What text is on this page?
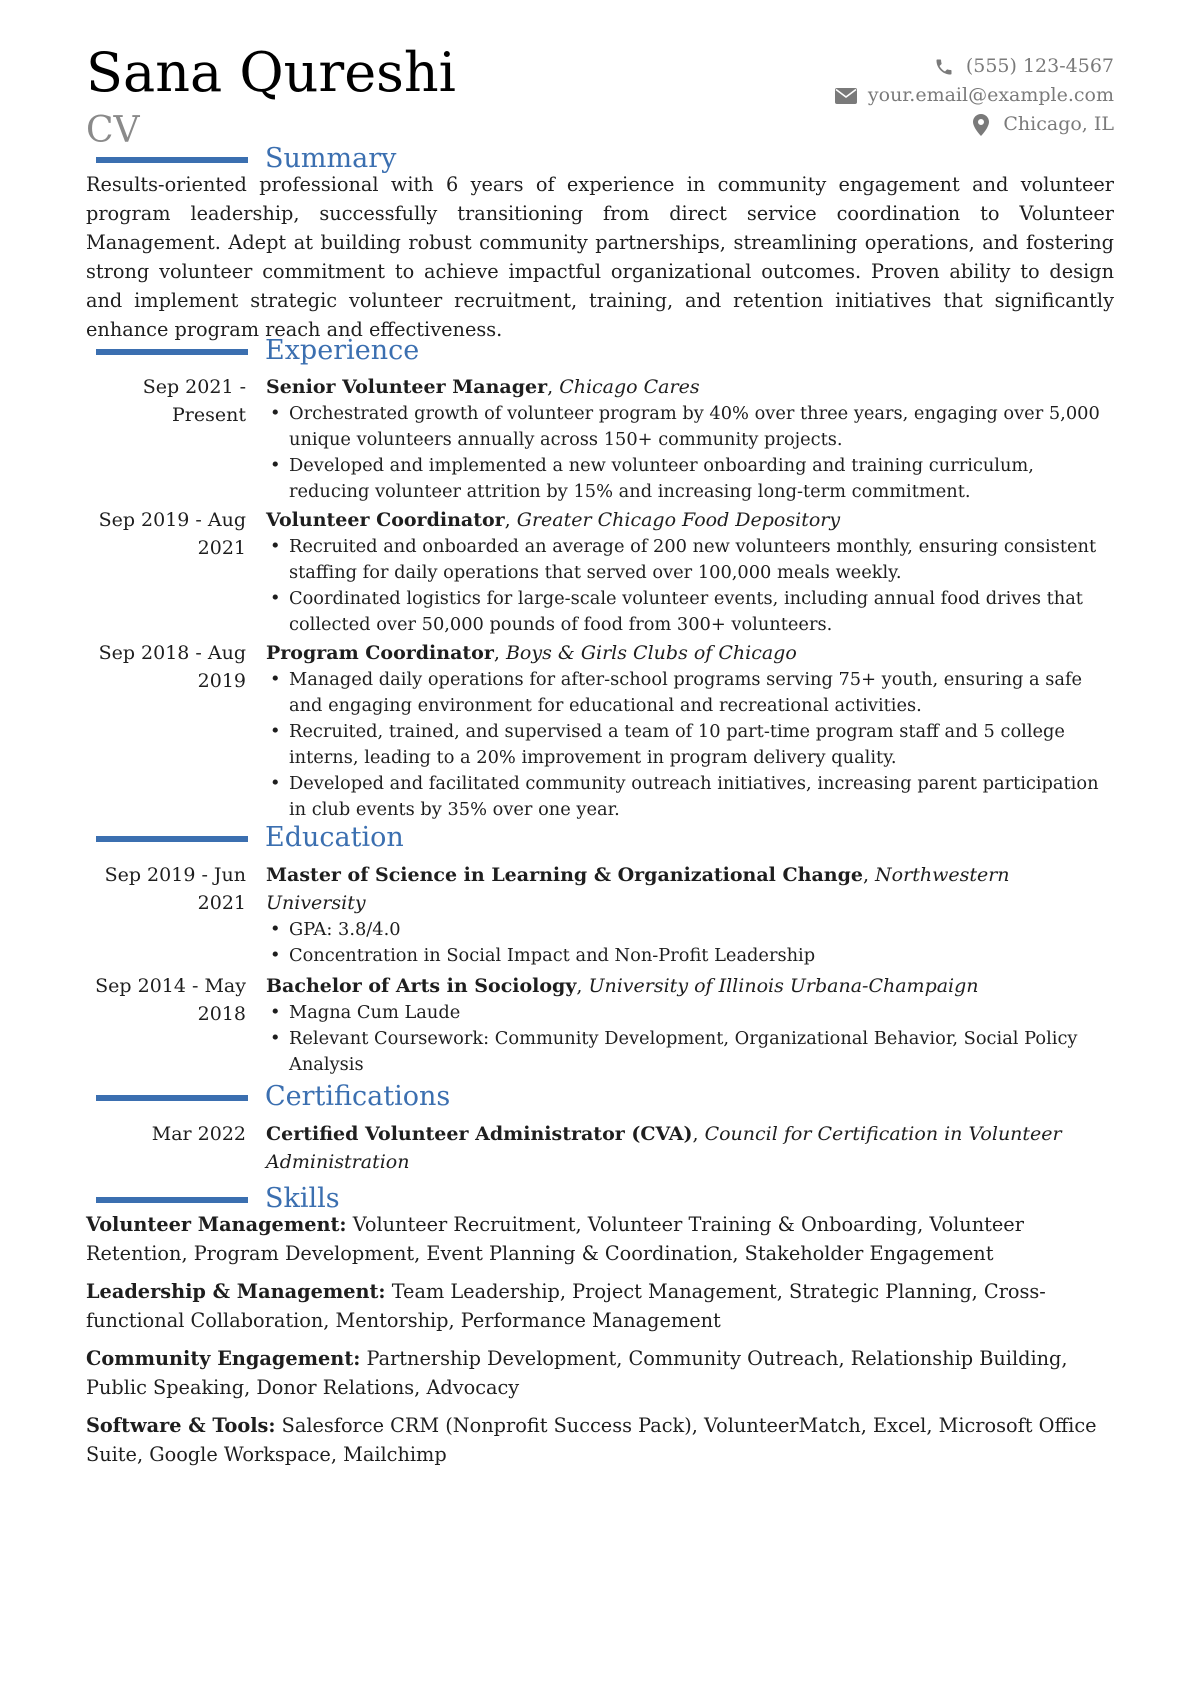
Sana Qureshi
CV
(555) 123-4567
your.email@example.com
Chicago, IL
Summary
Results-oriented professional with 6 years of experience in community engagement and volunteer program leadership, successfully transitioning from direct service coordination to Volunteer Management. Adept at building robust community partnerships, streamlining operations, and fostering strong volunteer commitment to achieve impactful organizational outcomes. Proven ability to design and implement strategic volunteer recruitment, training, and retention initiatives that significantly enhance program reach and effectiveness.
Experience
Sep 2021 - Present
Senior Volunteer Manager, Chicago Cares
• Orchestrated growth of volunteer program by 40% over three years, engaging over 5,000 unique volunteers annually across 150+ community projects.
• Developed and implemented a new volunteer onboarding and training curriculum, reducing volunteer attrition by 15% and increasing long-term commitment.
Sep 2019 - Aug 2021
Volunteer Coordinator, Greater Chicago Food Depository
• Recruited and onboarded an average of 200 new volunteers monthly, ensuring consistent staffing for daily operations that served over 100,000 meals weekly.
• Coordinated logistics for large-scale volunteer events, including annual food drives that collected over 50,000 pounds of food from 300+ volunteers.
Sep 2018 - Aug 2019
Program Coordinator, Boys & Girls Clubs of Chicago
• Managed daily operations for after-school programs serving 75+ youth, ensuring a safe and engaging environment for educational and recreational activities.
• Recruited, trained, and supervised a team of 10 part-time program staff and 5 college interns, leading to a 20% improvement in program delivery quality.
• Developed and facilitated community outreach initiatives, increasing parent participation in club events by 35% over one year.
Education
Sep 2019 - Jun 2021
Master of Science in Learning & Organizational Change, Northwestern University
• GPA: 3.8/4.0
• Concentration in Social Impact and Non-Profit Leadership
Sep 2014 - May 2018
Bachelor of Arts in Sociology, University of Illinois Urbana-Champaign
• Magna Cum Laude
• Relevant Coursework: Community Development, Organizational Behavior, Social Policy Analysis
Certifications
Mar 2022 Certified Volunteer Administrator (CVA), Council for Certification in Volunteer Administration
Skills
Volunteer Management: Volunteer Recruitment, Volunteer Training & Onboarding, Volunteer Retention, Program Development, Event Planning & Coordination, Stakeholder Engagement
Leadership & Management: Team Leadership, Project Management, Strategic Planning, Cross-functional Collaboration, Mentorship, Performance Management
Community Engagement: Partnership Development, Community Outreach, Relationship Building, Public Speaking, Donor Relations, Advocacy
Software & Tools: Salesforce CRM (Nonprofit Success Pack), VolunteerMatch, Excel, Microsoft Office Suite, Google Workspace, Mailchimp
